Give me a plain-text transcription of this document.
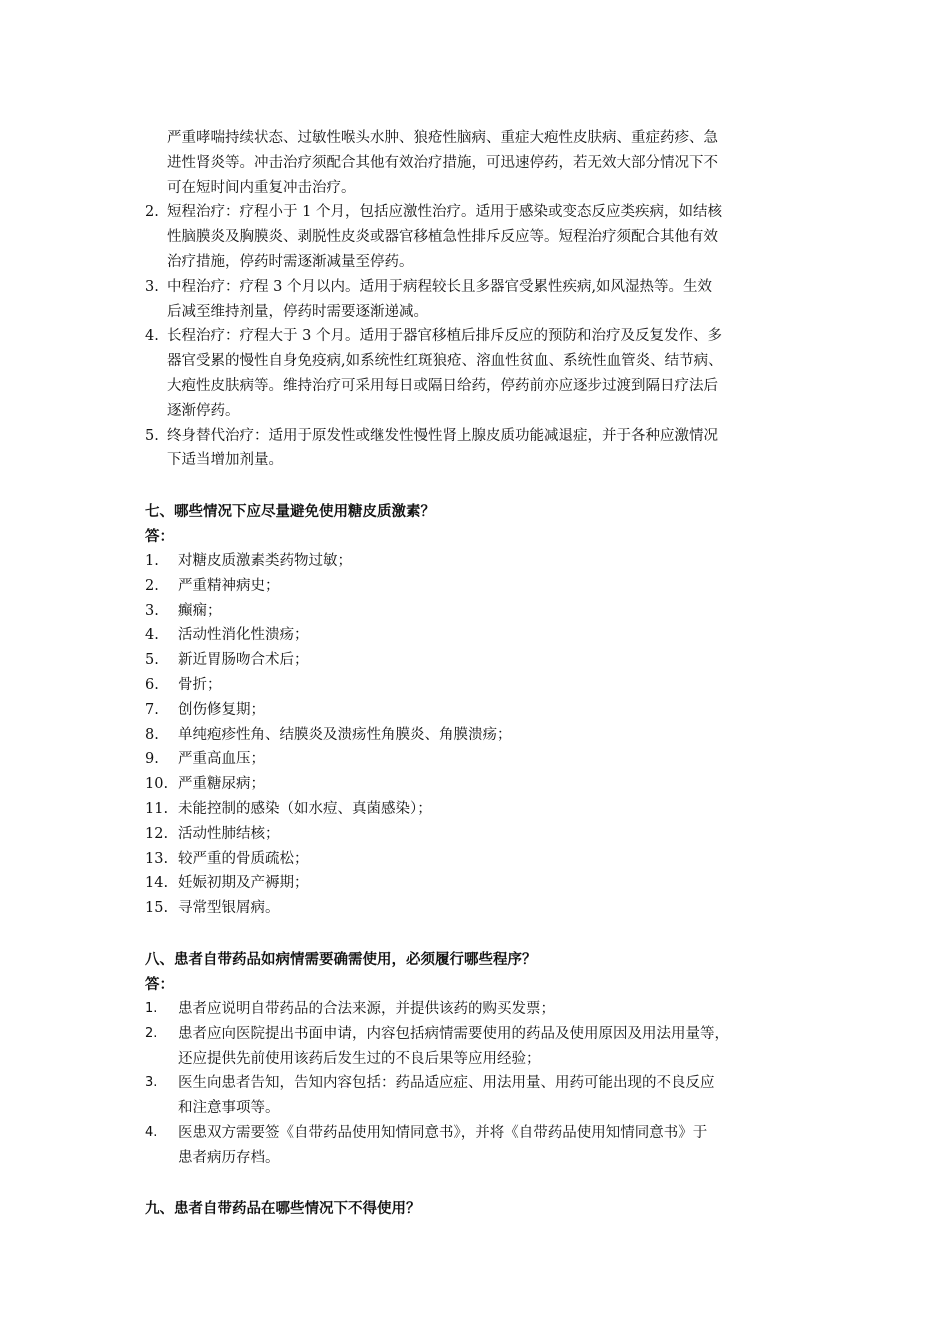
严重哮喘持续状态、过敏性喉头水肿、狼疮性脑病、重症大疱性皮肤病、重症药疹、急
进性肾炎等。冲击治疗须配合其他有效治疗措施，可迅速停药，若无效大部分情况下不
可在短时间内重复冲击治疗。
2. 短程治疗：疗程小于 1 个月，包括应激性治疗。适用于感染或变态反应类疾病，如结核
性脑膜炎及胸膜炎、剥脱性皮炎或器官移植急性排斥反应等。短程治疗须配合其他有效
治疗措施，停药时需逐渐减量至停药。
3. 中程治疗：疗程 3 个月以内。适用于病程较长且多器官受累性疾病,如风湿热等。生效
后减至维持剂量，停药时需要逐渐递减。
4. 长程治疗：疗程大于 3 个月。适用于器官移植后排斥反应的预防和治疗及反复发作、多
器官受累的慢性自身免疫病,如系统性红斑狼疮、溶血性贫血、系统性血管炎、结节病、
大疱性皮肤病等。维持治疗可采用每日或隔日给药，停药前亦应逐步过渡到隔日疗法后
逐渐停药。
5. 终身替代治疗：适用于原发性或继发性慢性肾上腺皮质功能减退症，并于各种应激情况
下适当增加剂量。
七、哪些情况下应尽量避免使用糖皮质激素？
答：
1. 对糖皮质激素类药物过敏；
2. 严重精神病史；
3. 癫痫；
4. 活动性消化性溃疡；
5. 新近胃肠吻合术后；
6. 骨折；
7. 创伤修复期；
8. 单纯疱疹性角、结膜炎及溃疡性角膜炎、角膜溃疡；
9. 严重高血压；
10. 严重糖尿病；
11. 未能控制的感染（如水痘、真菌感染）；
12. 活动性肺结核；
13. 较严重的骨质疏松；
14. 妊娠初期及产褥期；
15. 寻常型银屑病。
八、患者自带药品如病情需要确需使用，必须履行哪些程序？
答：
1. 患者应说明自带药品的合法来源，并提供该药的购买发票；
2. 患者应向医院提出书面申请，内容包括病情需要使用的药品及使用原因及用法用量等，
还应提供先前使用该药后发生过的不良后果等应用经验；
3. 医生向患者告知，告知内容包括：药品适应症、用法用量、用药可能出现的不良反应
和注意事项等。
4. 医患双方需要签《自带药品使用知情同意书》，并将《自带药品使用知情同意书》于
患者病历存档。
九、患者自带药品在哪些情况下不得使用？
